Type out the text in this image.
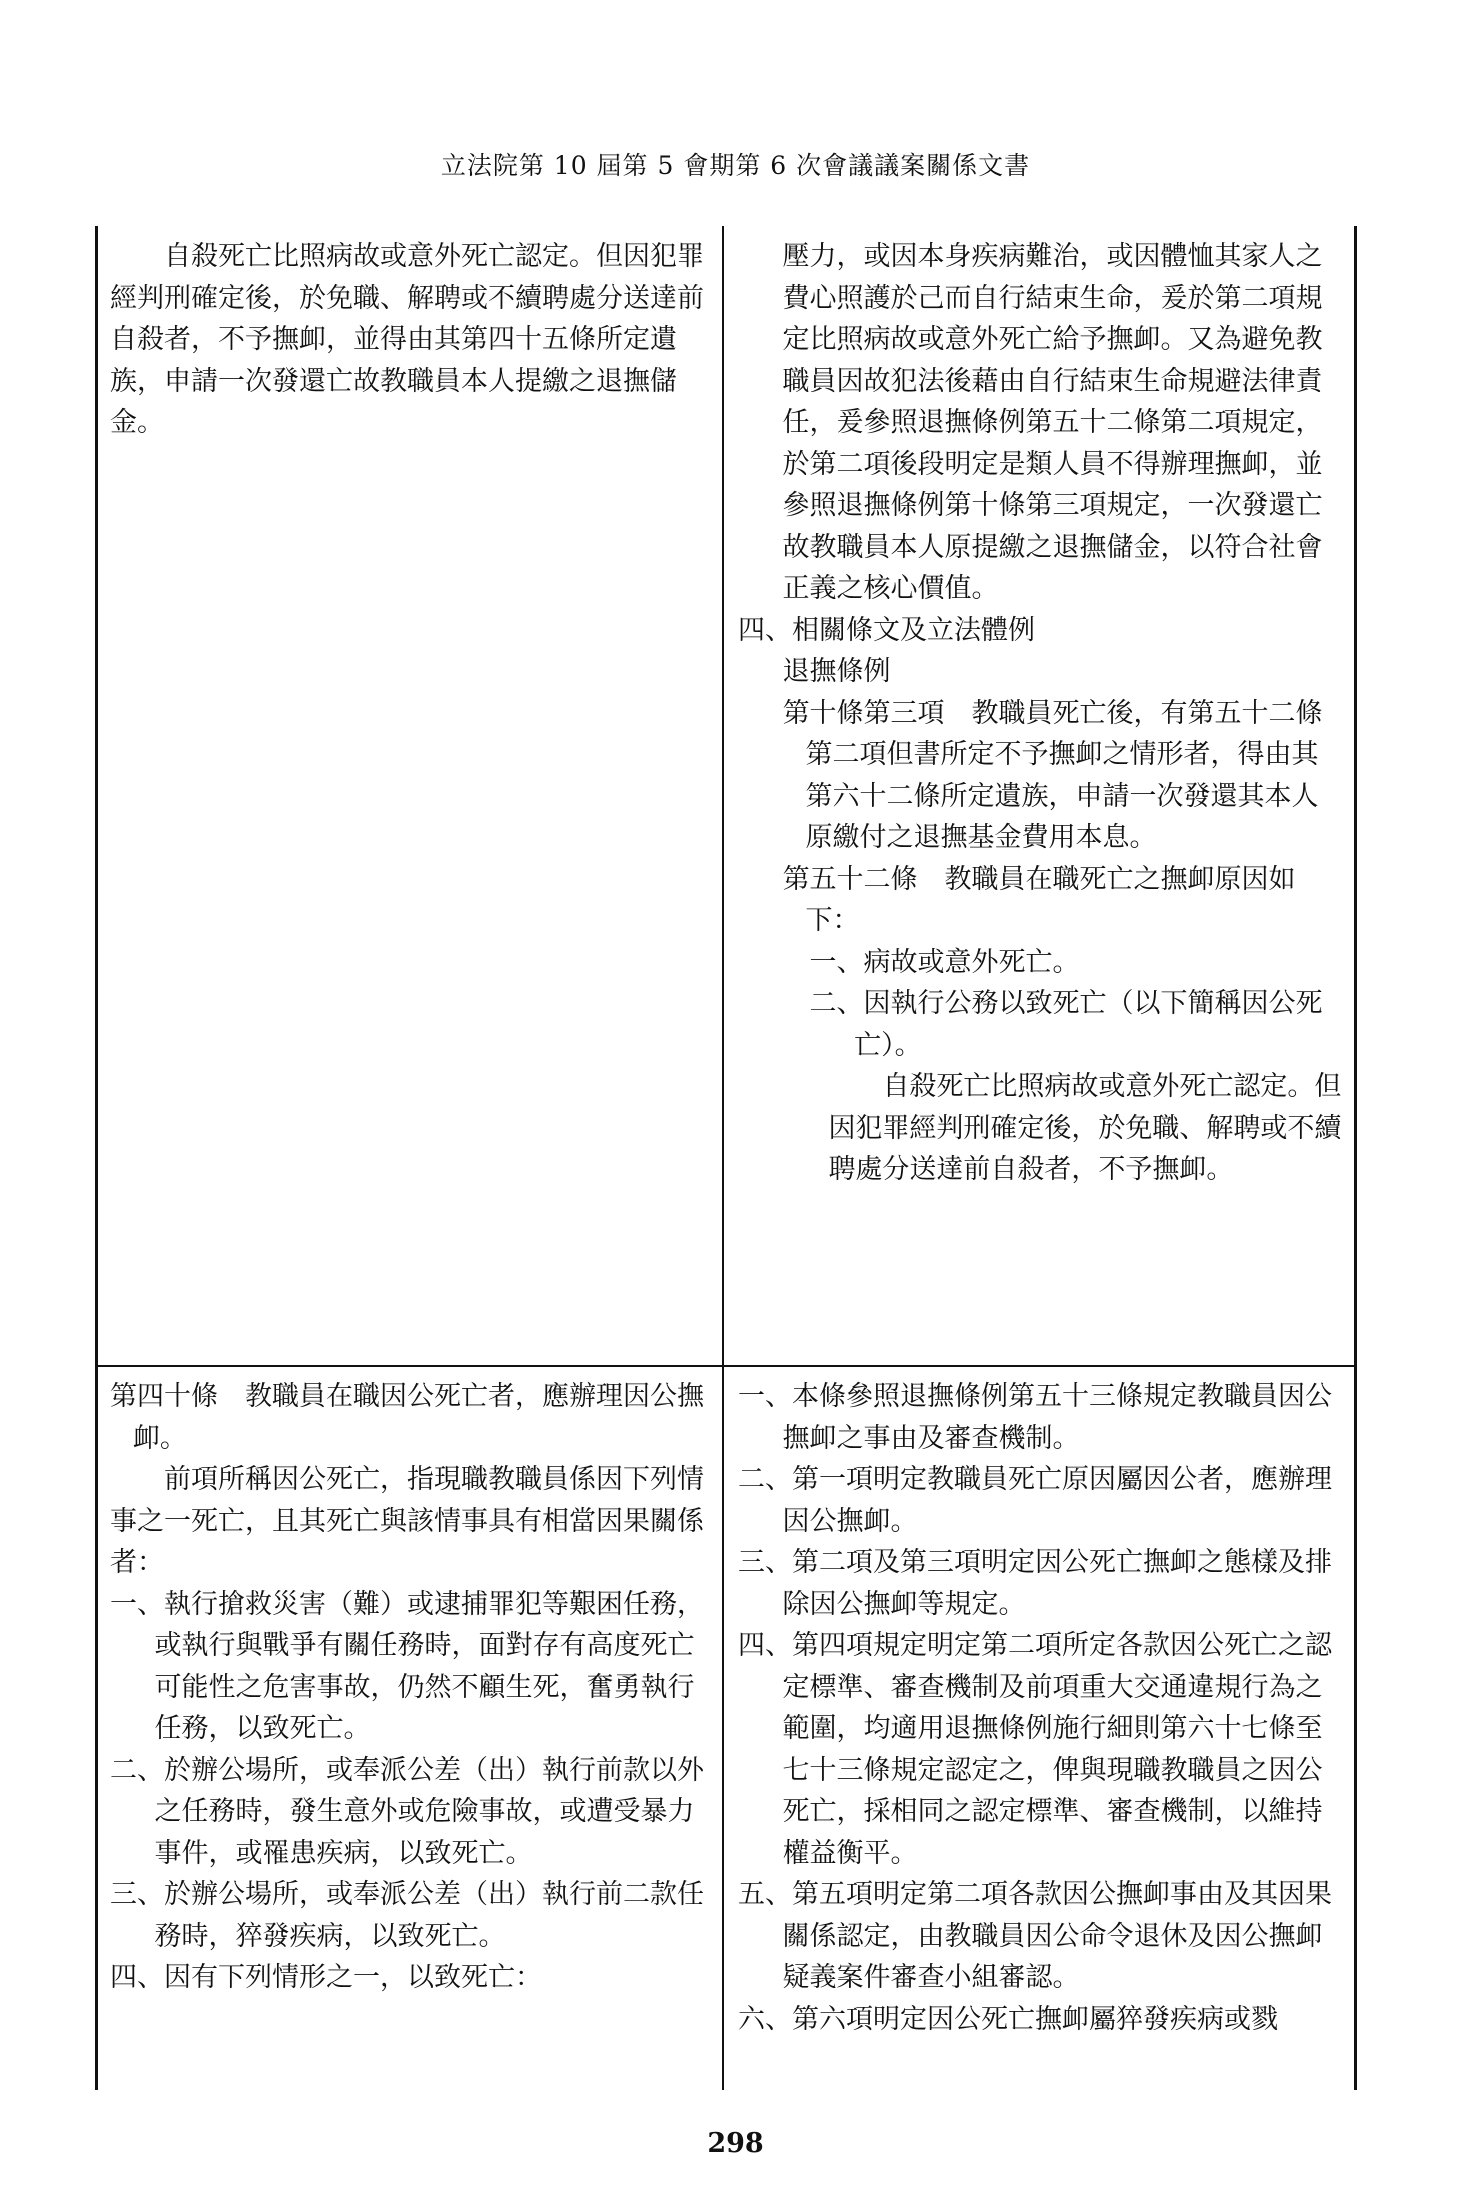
立法院第 10 屆第 5 會期第 6 次會議議案關係文書

自殺死亡比照病故或意外死亡認定。但因犯罪經判刑確定後，於免職、解聘或不續聘處分送達前自殺者，不予撫卹，並得由其第四十五條所定遺族，申請一次發還亡故教職員本人提繳之退撫儲金。

壓力，或因本身疾病難治，或因體恤其家人之費心照護於己而自行結束生命，爰於第二項規定比照病故或意外死亡給予撫卹。又為避免教職員因故犯法後藉由自行結束生命規避法律責任，爰參照退撫條例第五十二條第二項規定，於第二項後段明定是類人員不得辦理撫卹，並參照退撫條例第十條第三項規定，一次發還亡故教職員本人原提繳之退撫儲金，以符合社會正義之核心價值。

四、相關條文及立法體例

退撫條例

第十條第三項　教職員死亡後，有第五十二條第二項但書所定不予撫卹之情形者，得由其第六十二條所定遺族，申請一次發還其本人原繳付之退撫基金費用本息。

第五十二條　教職員在職死亡之撫卹原因如下：

一、病故或意外死亡。

二、因執行公務以致死亡（以下簡稱因公死亡）。

自殺死亡比照病故或意外死亡認定。但因犯罪經判刑確定後，於免職、解聘或不續聘處分送達前自殺者，不予撫卹。

第四十條　教職員在職因公死亡者，應辦理因公撫卹。

前項所稱因公死亡，指現職教職員係因下列情事之一死亡，且其死亡與該情事具有相當因果關係者：

一、執行搶救災害（難）或逮捕罪犯等艱困任務，或執行與戰爭有關任務時，面對存有高度死亡可能性之危害事故，仍然不顧生死，奮勇執行任務，以致死亡。

二、於辦公場所，或奉派公差（出）執行前款以外之任務時，發生意外或危險事故，或遭受暴力事件，或罹患疾病，以致死亡。

三、於辦公場所，或奉派公差（出）執行前二款任務時，猝發疾病，以致死亡。

四、因有下列情形之一，以致死亡：

一、本條參照退撫條例第五十三條規定教職員因公撫卹之事由及審查機制。

二、第一項明定教職員死亡原因屬因公者，應辦理因公撫卹。

三、第二項及第三項明定因公死亡撫卹之態樣及排除因公撫卹等規定。

四、第四項規定明定第二項所定各款因公死亡之認定標準、審查機制及前項重大交通違規行為之範圍，均適用退撫條例施行細則第六十七條至七十三條規定認定之，俾與現職教職員之因公死亡，採相同之認定標準、審查機制，以維持權益衡平。

五、第五項明定第二項各款因公撫卹事由及其因果關係認定，由教職員因公命令退休及因公撫卹疑義案件審查小組審認。

六、第六項明定因公死亡撫卹屬猝發疾病或戮

298
